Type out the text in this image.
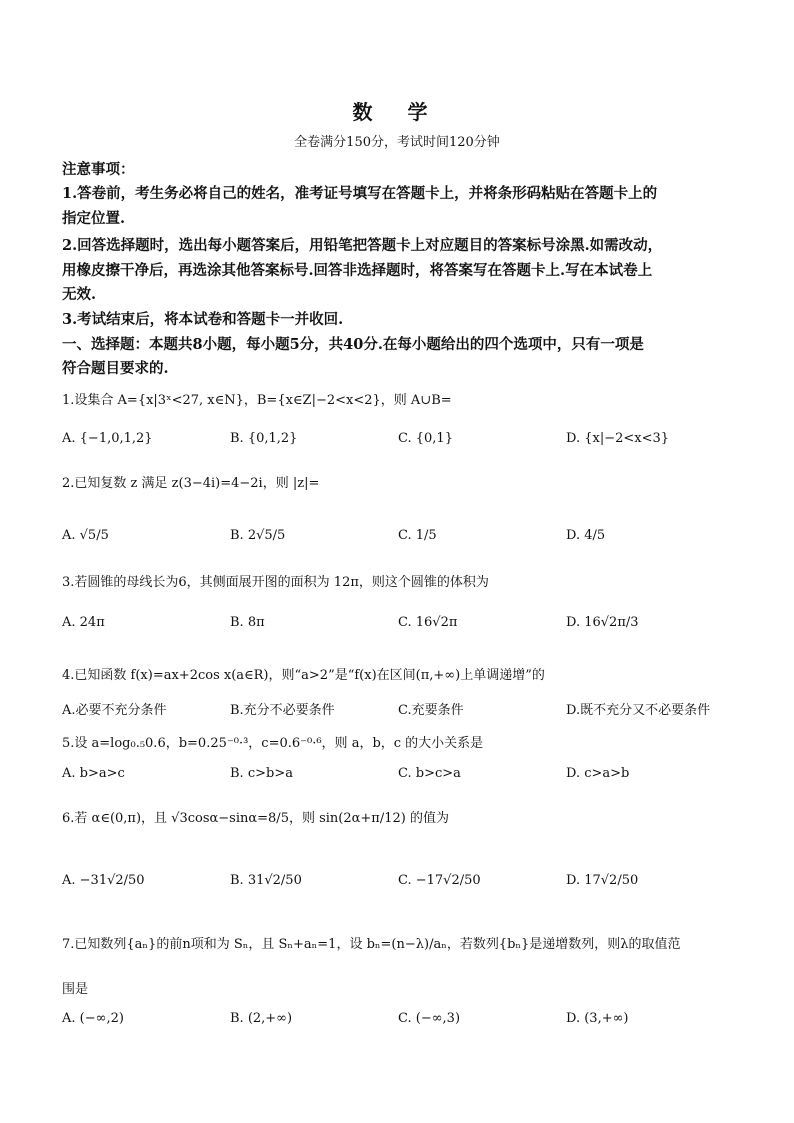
数 学
全卷满分150分，考试时间120分钟
注意事项：
1.答卷前，考生务必将自己的姓名，准考证号填写在答题卡上，并将条形码粘贴在答题卡上的
指定位置.
2.回答选择题时，选出每小题答案后，用铅笔把答题卡上对应题目的答案标号涂黑.如需改动，
用橡皮擦干净后，再选涂其他答案标号.回答非选择题时，将答案写在答题卡上.写在本试卷上
无效.
3.考试结束后，将本试卷和答题卡一并收回.
一、选择题：本题共8小题，每小题5分，共40分.在每小题给出的四个选项中，只有一项是
符合题目要求的.
1.设集合 A={x|3ˣ<27, x∈N}，B={x∈Z|−2<x<2}，则 A∪B=
A. {−1,0,1,2}	B. {0,1,2}	C. {0,1}	D. {x|−2<x<3}
2.已知复数 z 满足 z(3−4i)=4−2i，则 |z|=
A. √5/5	B. 2√5/5	C. 1/5	D. 4/5
3.若圆锥的母线长为6，其侧面展开图的面积为 12π，则这个圆锥的体积为
A. 24π	B. 8π	C. 16√2π	D. 16√2π/3
4.已知函数 f(x)=ax+2cos x(a∈R)，则“a>2”是“f(x)在区间(π,+∞)上单调递增”的
A.必要不充分条件	B.充分不必要条件	C.充要条件	D.既不充分又不必要条件
5.设 a=log₀.₅0.6，b=0.25⁻⁰·³，c=0.6⁻⁰·⁶，则 a，b，c 的大小关系是
A. b>a>c	B. c>b>a	C. b>c>a	D. c>a>b
6.若 α∈(0,π)，且 √3cosα−sinα=8/5，则 sin(2α+π/12) 的值为
A. −31√2/50	B. 31√2/50	C. −17√2/50	D. 17√2/50
7.已知数列{aₙ}的前n项和为 Sₙ，且 Sₙ+aₙ=1，设 bₙ=(n−λ)/aₙ，若数列{bₙ}是递增数列，则λ的取值范
围是
A. (−∞,2)	B. (2,+∞)	C. (−∞,3)	D. (3,+∞)
